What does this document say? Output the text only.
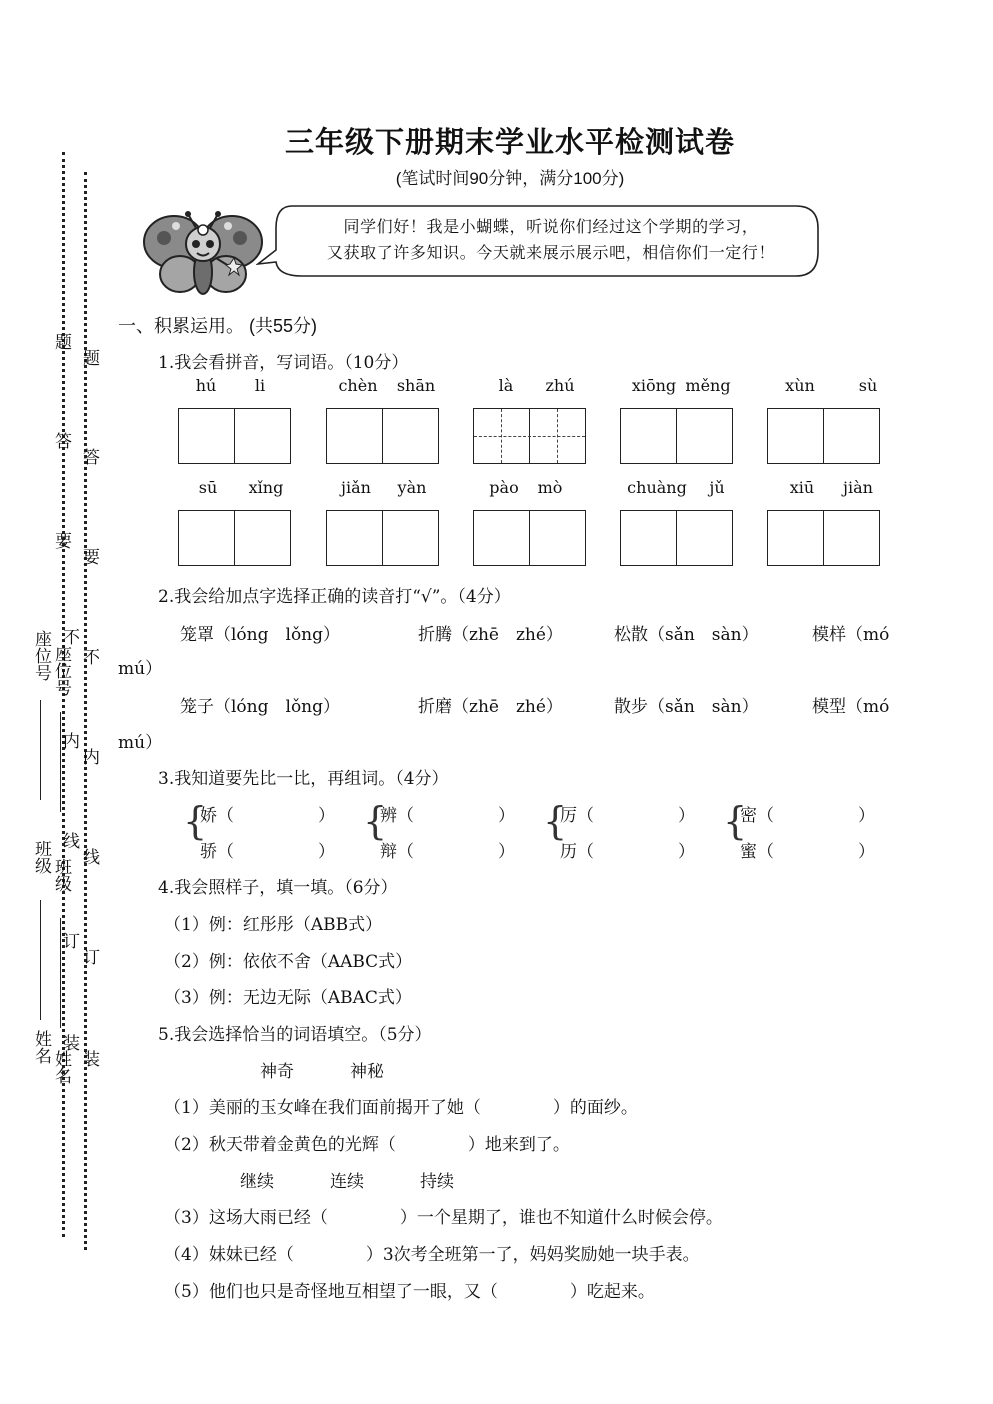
题
题
答
答
要
要
座位号 座位号
不
不
内
内
班级
班级
线
线
订
订
姓名
姓名
装
装
三年级下册期末学业水平检测试卷
(笔试时间90分钟，满分100分)
同学们好！我是小蝴蝶，听说你们经过这个学期的学习，
又获取了许多知识。今天就来展示展示吧，相信你们一定行！
一、积累运用。 (共55分)
1.我会看拼音，写词语。（10分）
hú	li	chèn	shān	là	zhú	xiōng měng	xùn	sù
sū	xǐng	jiǎn	yàn	pào	mò	chuàng	jǔ	xiū	jiàn
2.我会给加点字选择正确的读音打“√”。（4分）
笼罩（lóng　lǒng）	折腾（zhē　zhé）	松散（sǎn　sàn）	模样（mó
mú）
笼子（lóng　lǒng）	折磨（zhē　zhé）	散步（sǎn　sàn）	模型（mó
mú）
3.我知道要先比一比，再组词。（4分）
{
娇（	）
骄（	）
{
辨（	）
辩（	）
{
厉（	）
历（	）
{
密（	）
蜜（	）
4.我会照样子，填一填。（6分）
（1）例：红彤彤（ABB式）
（2）例：依依不舍（AABC式）
（3）例：无边无际（ABAC式）
5.我会选择恰当的词语填空。（5分）
神奇	神秘
（1）美丽的玉女峰在我们面前揭开了她（	）的面纱。
（2）秋天带着金黄色的光辉（	）地来到了。
继续	连续	持续
（3）这场大雨已经（	）一个星期了，谁也不知道什么时候会停。
（4）妹妹已经（	）3次考全班第一了，妈妈奖励她一块手表。
（5）他们也只是奇怪地互相望了一眼，又（	）吃起来。
